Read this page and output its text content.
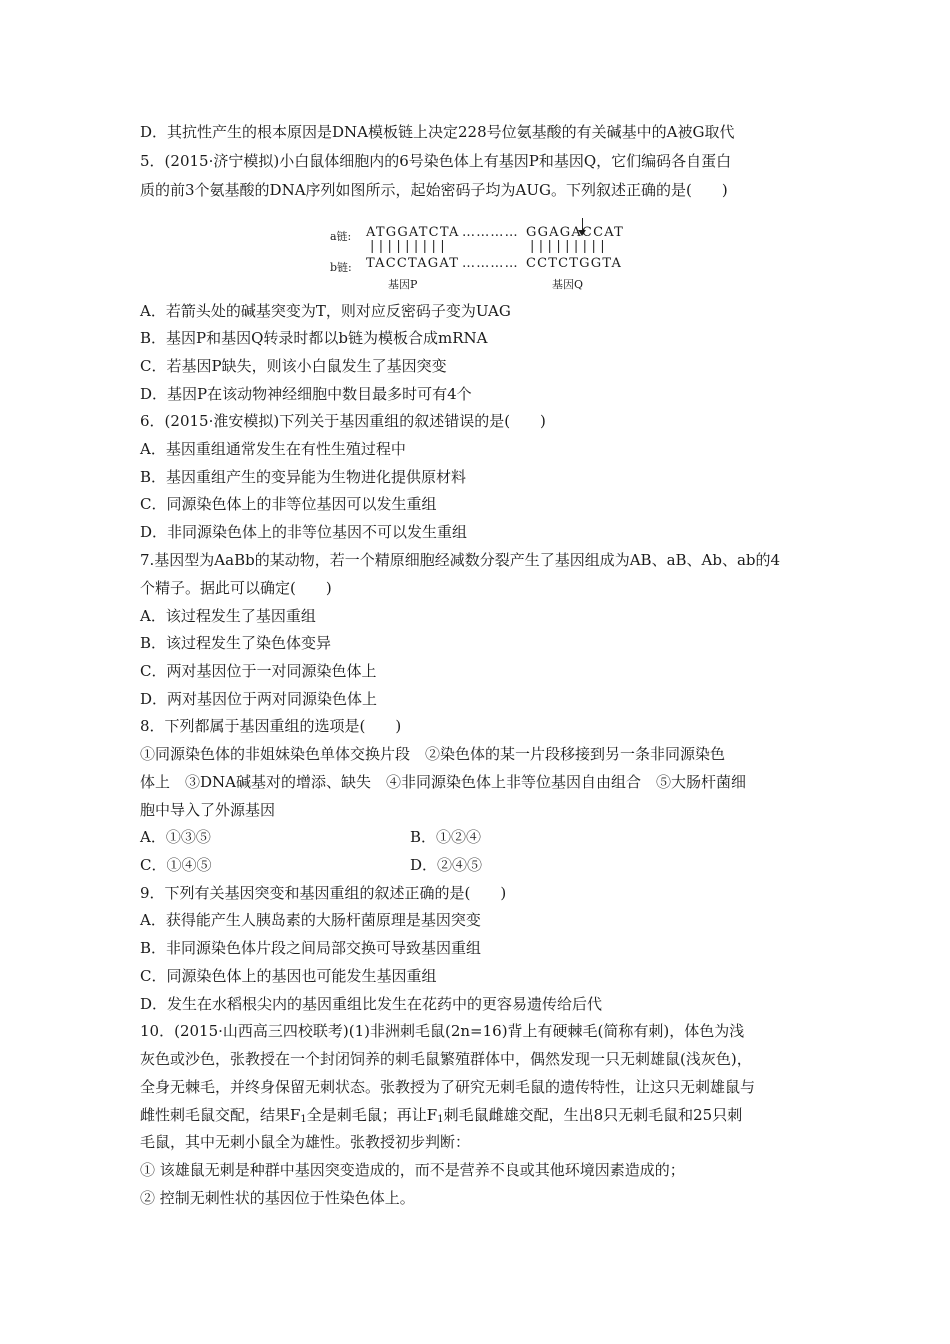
D．其抗性产生的根本原因是DNA模板链上决定228号位氨基酸的有关碱基中的A被G取代
5．(2015·济宁模拟)小白鼠体细胞内的6号染色体上有基因P和基因Q，它们编码各自蛋白
质的前3个氨基酸的DNA序列如图所示，起始密码子均为AUG。下列叙述正确的是(　　)
a链: ATGGATCTA ………… GGAGACCAT
|||||||||	|||||||||
b链: TACCTAGAT ………… CCTCTGGTA
基因P	基因Q
A．若箭头处的碱基突变为T，则对应反密码子变为UAG
B．基因P和基因Q转录时都以b链为模板合成mRNA
C．若基因P缺失，则该小白鼠发生了基因突变
D．基因P在该动物神经细胞中数目最多时可有4个
6．(2015·淮安模拟)下列关于基因重组的叙述错误的是(　　)
A．基因重组通常发生在有性生殖过程中
B．基因重组产生的变异能为生物进化提供原材料
C．同源染色体上的非等位基因可以发生重组
D．非同源染色体上的非等位基因不可以发生重组
7.基因型为AaBb的某动物，若一个精原细胞经减数分裂产生了基因组成为AB、aB、Ab、ab的4
个精子。据此可以确定(　　)
A．该过程发生了基因重组
B．该过程发生了染色体变异
C．两对基因位于一对同源染色体上
D．两对基因位于两对同源染色体上
8．下列都属于基因重组的选项是(　　)
①同源染色体的非姐妹染色单体交换片段　②染色体的某一片段移接到另一条非同源染色
体上　③DNA碱基对的增添、缺失　④非同源染色体上非等位基因自由组合　⑤大肠杆菌细
胞中导入了外源基因
A．①③⑤	B．①②④
C．①④⑤	D．②④⑤
9．下列有关基因突变和基因重组的叙述正确的是(　　)
A．获得能产生人胰岛素的大肠杆菌原理是基因突变
B．非同源染色体片段之间局部交换可导致基因重组
C．同源染色体上的基因也可能发生基因重组
D．发生在水稻根尖内的基因重组比发生在花药中的更容易遗传给后代
10．(2015·山西高三四校联考)(1)非洲刺毛鼠(2n=16)背上有硬棘毛(简称有刺)，体色为浅
灰色或沙色，张教授在一个封闭饲养的刺毛鼠繁殖群体中，偶然发现一只无刺雄鼠(浅灰色)，
全身无棘毛，并终身保留无刺状态。张教授为了研究无刺毛鼠的遗传特性，让这只无刺雄鼠与
雌性刺毛鼠交配，结果$F_1$全是刺毛鼠；再让$F_1$刺毛鼠雌雄交配，生出8只无刺毛鼠和25只刺
毛鼠，其中无刺小鼠全为雄性。张教授初步判断：
① 该雄鼠无刺是种群中基因突变造成的，而不是营养不良或其他环境因素造成的；
② 控制无刺性状的基因位于性染色体上。
